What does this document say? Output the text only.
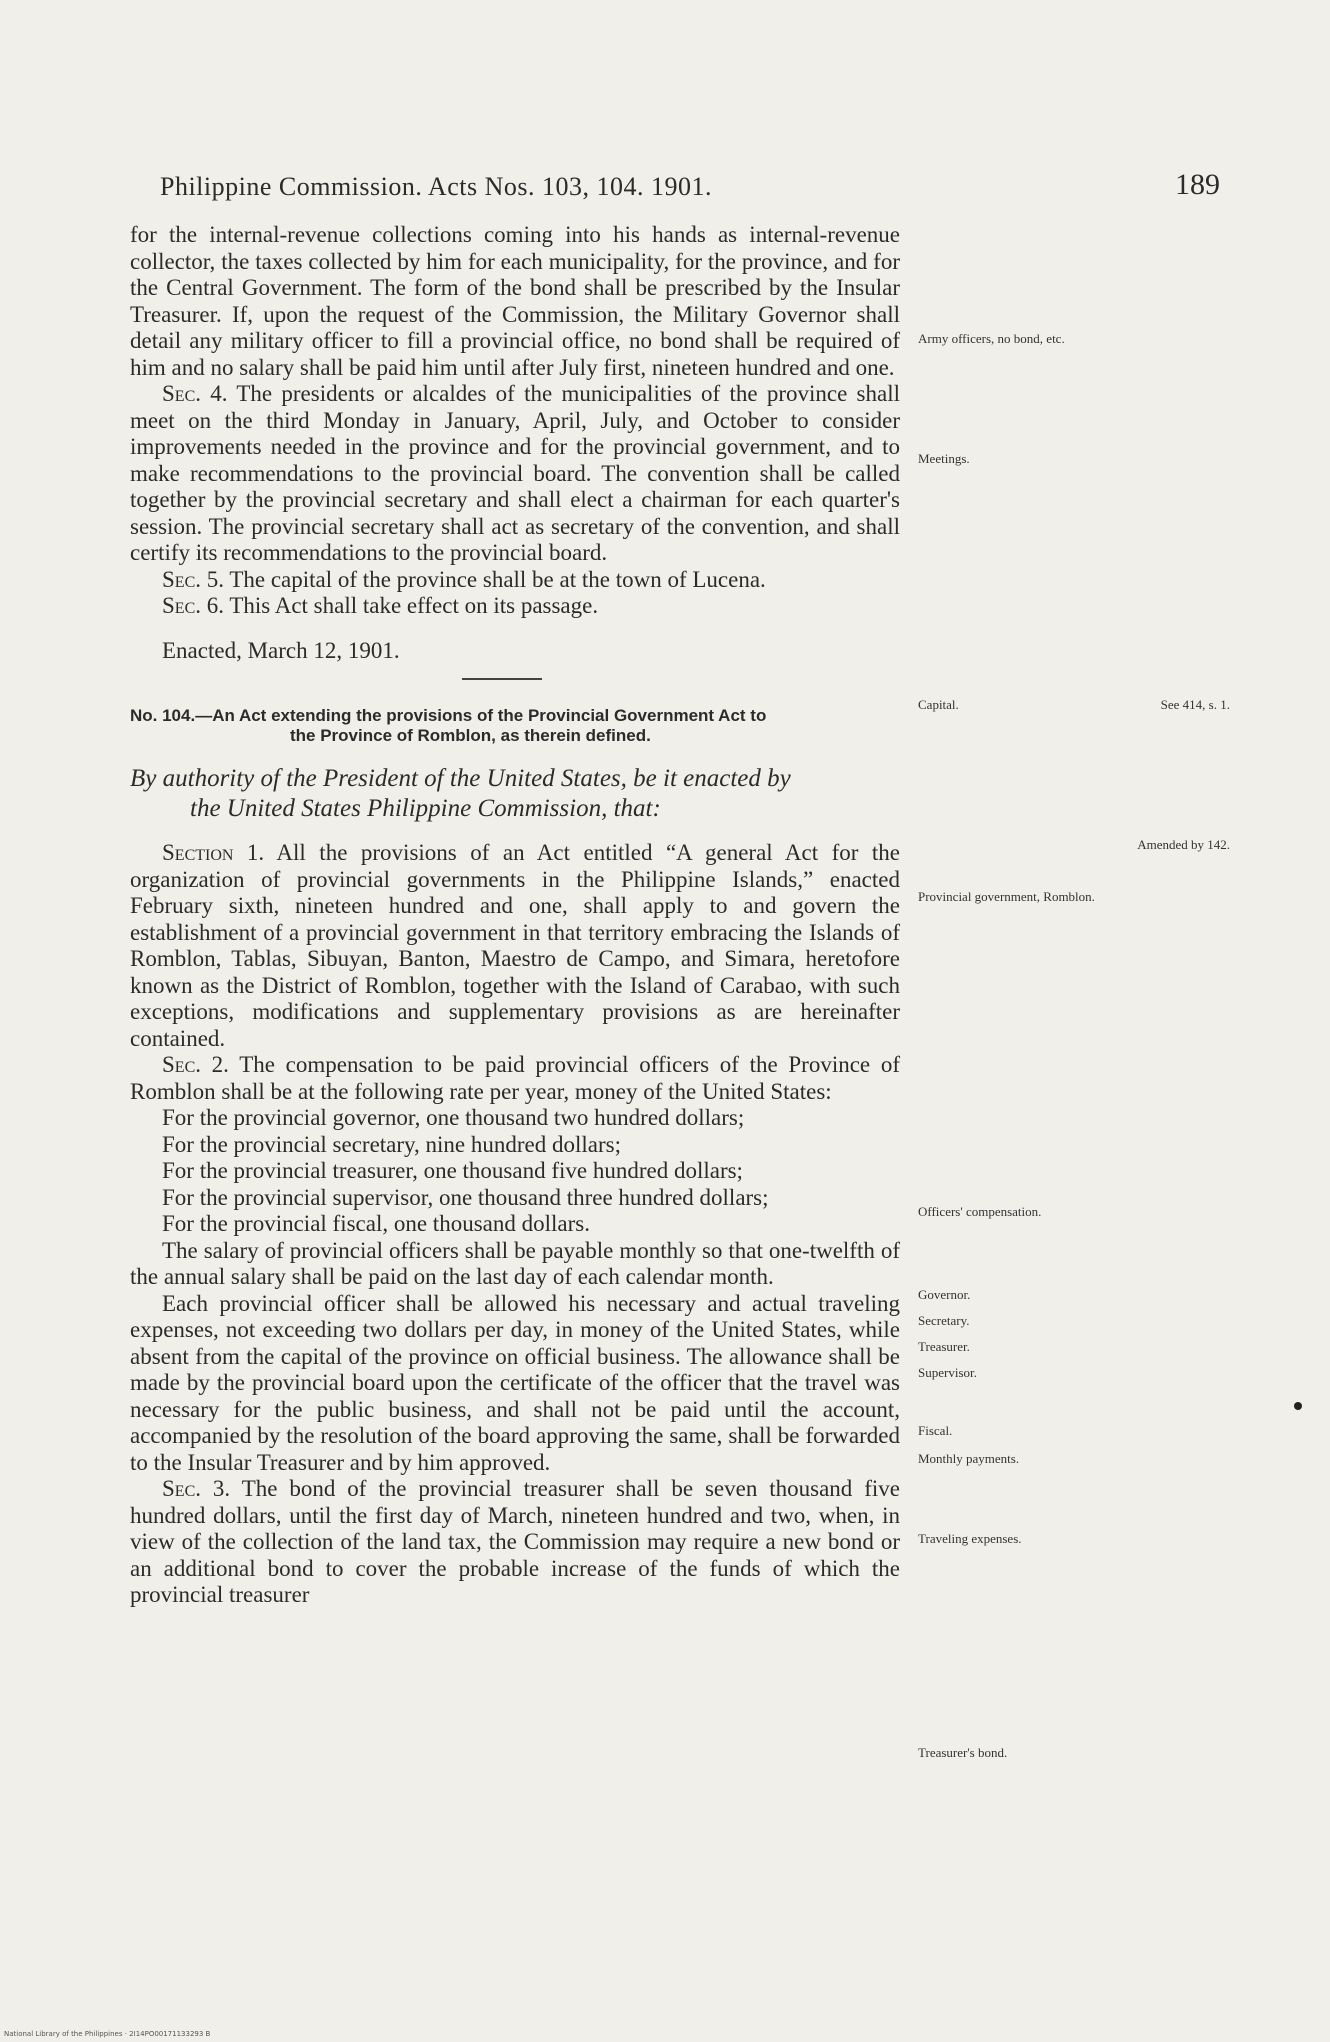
Philippine Commission. Acts Nos. 103, 104. 1901.	189

for the internal-revenue collections coming into his hands as internal-revenue collector, the taxes collected by him for each municipality, for the province, and for the Central Government. The form of the bond shall be prescribed by the Insular Treasurer. If, upon the request of the Commission, the Military Governor shall detail any military officer to fill a provincial office, no bond shall be required of him and no salary shall be paid him until after July first, nineteen hundred and one.

Sec. 4. The presidents or alcaldes of the municipalities of the province shall meet on the third Monday in January, April, July, and October to consider improvements needed in the province and for the provincial government, and to make recommendations to the provincial board. The convention shall be called together by the provincial secretary and shall elect a chairman for each quarter's session. The provincial secretary shall act as secretary of the convention, and shall certify its recommendations to the provincial board.

Sec. 5. The capital of the province shall be at the town of Lucena.

Sec. 6. This Act shall take effect on its passage.

Enacted, March 12, 1901.

No. 104.—An Act extending the provisions of the Provincial Government Act to
the Province of Romblon, as therein defined.

By authority of the President of the United States, be it enacted by
the United States Philippine Commission, that:

Section 1. All the provisions of an Act entitled “A general Act for the organization of provincial governments in the Philippine Islands,” enacted February sixth, nineteen hundred and one, shall apply to and govern the establishment of a provincial government in that territory embracing the Islands of Romblon, Tablas, Sibuyan, Banton, Maestro de Campo, and Simara, heretofore known as the District of Romblon, together with the Island of Carabao, with such exceptions, modifications and supplementary provisions as are hereinafter contained.

Sec. 2. The compensation to be paid provincial officers of the Province of Romblon shall be at the following rate per year, money of the United States:

For the provincial governor, one thousand two hundred dollars;

For the provincial secretary, nine hundred dollars;

For the provincial treasurer, one thousand five hundred dollars;

For the provincial supervisor, one thousand three hundred dollars;

For the provincial fiscal, one thousand dollars.

The salary of provincial officers shall be payable monthly so that one-twelfth of the annual salary shall be paid on the last day of each calendar month.

Each provincial officer shall be allowed his necessary and actual traveling expenses, not exceeding two dollars per day, in money of the United States, while absent from the capital of the province on official business. The allowance shall be made by the provincial board upon the certificate of the officer that the travel was necessary for the public business, and shall not be paid until the account, accompanied by the resolution of the board approving the same, shall be forwarded to the Insular Treasurer and by him approved.

Sec. 3. The bond of the provincial treasurer shall be seven thousand five hundred dollars, until the first day of March, nineteen hundred and two, when, in view of the collection of the land tax, the Commission may require a new bond or an additional bond to cover the probable increase of the funds of which the provincial treasurer

Army officers, no bond, etc.
Meetings.
Capital.	See 414, s. 1.
Amended by 142.
Provincial government, Romblon.
Officers' compensation.
Governor.
Secretary.
Treasurer.
Supervisor.
Fiscal.
Monthly payments.
Traveling expenses.
Treasurer's bond.
National Library of the Philippines · 2I14PO00171133293 B
